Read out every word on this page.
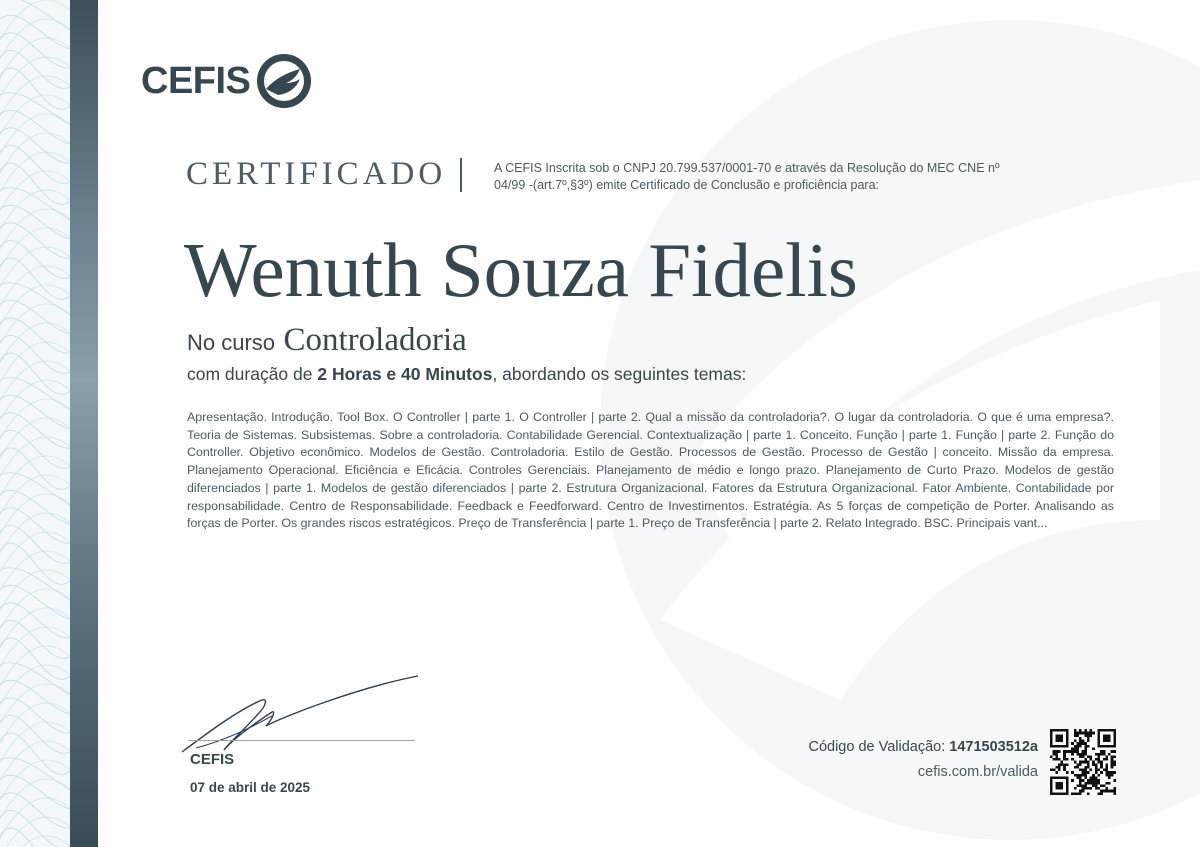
CEFIS
CERTIFICADO	A CEFIS Inscrita sob o CNPJ 20.799.537/0001-70 e através da Resolução do MEC CNE nº 04/99 -(art.7º,§3º) emite Certificado de Conclusão e proficiência para:
Wenuth Souza Fidelis
No curso Controladoria
com duração de 2 Horas e 40 Minutos, abordando os seguintes temas:
Apresentação. Introdução. Tool Box. O Controller | parte 1. O Controller | parte 2. Qual a missão da controladoria?. O lugar da controladoria. O que é uma empresa?. Teoria de Sistemas. Subsistemas. Sobre a controladoria. Contabilidade Gerencial. Contextualização | parte 1. Conceito. Função | parte 1. Função | parte 2. Função do Controller. Objetivo econômico. Modelos de Gestão. Controladoria. Estilo de Gestão. Processos de Gestão. Processo de Gestão | conceito. Missão da empresa. Planejamento Operacional. Eficiência e Eficácia. Controles Gerenciais. Planejamento de médio e longo prazo. Planejamento de Curto Prazo. Modelos de gestão diferenciados | parte 1. Modelos de gestão diferenciados | parte 2. Estrutura Organizacional. Fatores da Estrutura Organizacional. Fator Ambiente. Contabilidade por responsabilidade. Centro de Responsabilidade. Feedback e Feedforward. Centro de Investimentos. Estratégia. As 5 forças de competição de Porter. Analisando as forças de Porter. Os grandes riscos estratégicos. Preço de Transferência | parte 1. Preço de Transferência | parte 2. Relato Integrado. BSC. Principais vant...
CEFIS
07 de abril de 2025
Código de Validação: 1471503512a
cefis.com.br/valida
